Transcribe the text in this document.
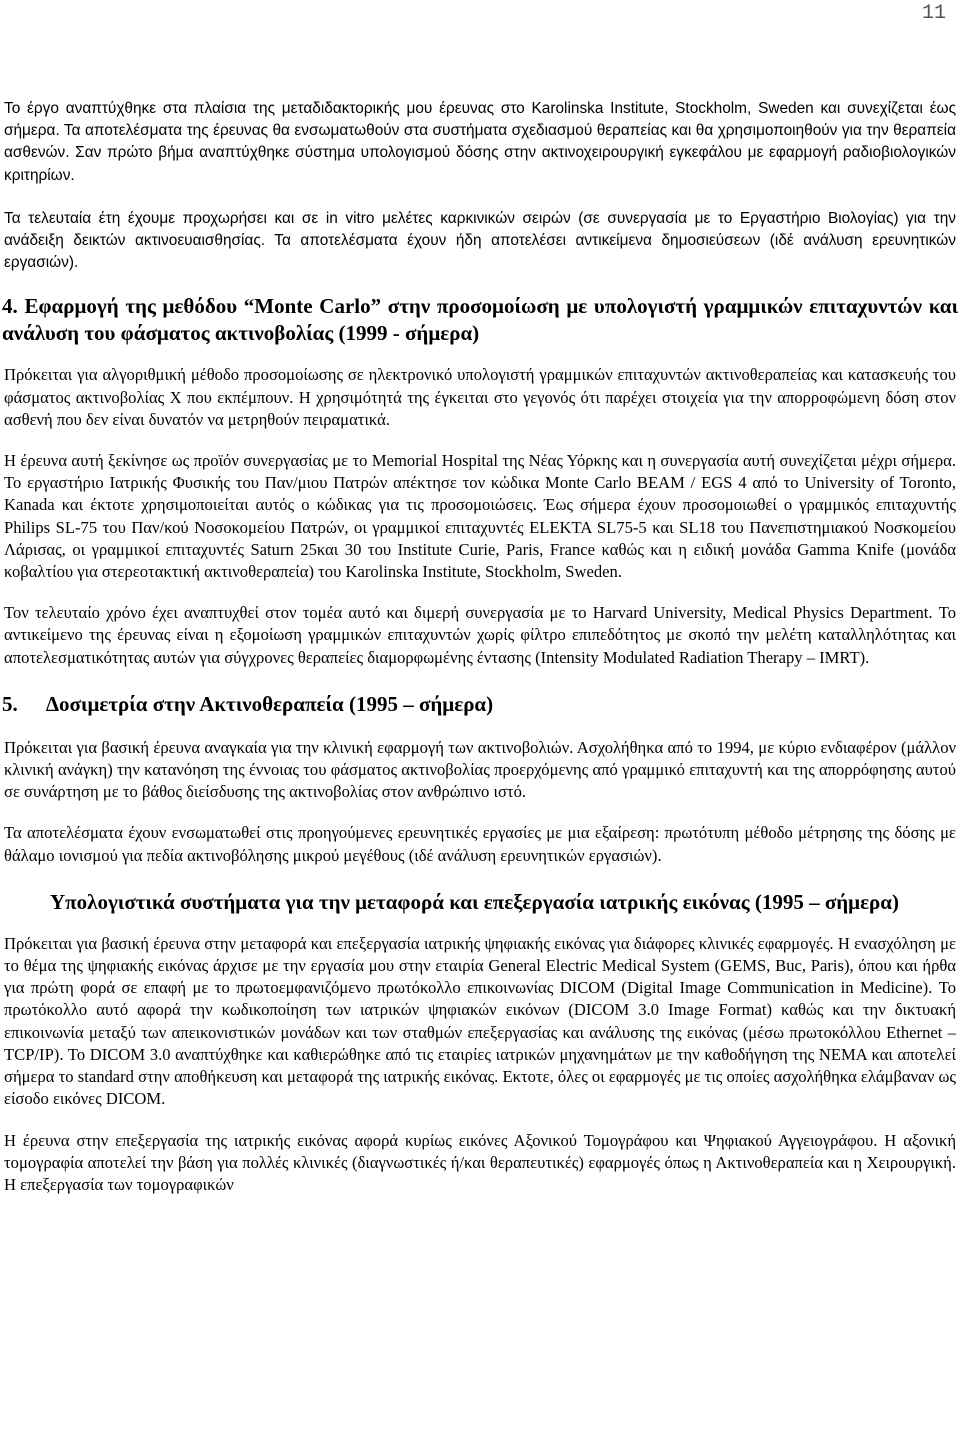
11

Το έργο αναπτύχθηκε στα πλαίσια της μεταδιδακτορικής μου έρευνας στο Karolinska Institute, Stockholm, Sweden και συνεχίζεται έως σήμερα. Τα αποτελέσματα της έρευνας θα ενσωματωθούν στα συστήματα σχεδιασμού θεραπείας και θα χρησιμοποιηθούν για την θεραπεία ασθενών. Σαν πρώτο βήμα αναπτύχθηκε σύστημα υπολογισμού δόσης στην ακτινοχειρουργική εγκεφάλου με εφαρμογή ραδιοβιολογικών κριτηρίων.

Τα τελευταία έτη έχουμε προχωρήσει και σε in vitro μελέτες καρκινικών σειρών (σε συνεργασία με το Εργαστήριο Βιολογίας) για την ανάδειξη δεικτών ακτινοευαισθησίας. Τα αποτελέσματα έχουν ήδη αποτελέσει αντικείμενα δημοσιεύσεων (ιδέ ανάλυση ερευνητικών εργασιών).

4. Εφαρμογή της μεθόδου “Monte Carlo” στην προσομοίωση με υπολογιστή γραμμικών επιταχυντών και ανάλυση του φάσματος ακτινοβολίας (1999 - σήμερα)

Πρόκειται για αλγοριθμική μέθοδο προσομοίωσης σε ηλεκτρονικό υπολογιστή γραμμικών επιταχυντών ακτινοθεραπείας και κατασκευής του φάσματος ακτινοβολίας Χ που εκπέμπουν. Η χρησιμότητά της έγκειται στο γεγονός ότι παρέχει στοιχεία για την απορροφώμενη δόση στον ασθενή που δεν είναι δυνατόν να μετρηθούν πειραματικά.

Η έρευνα αυτή ξεκίνησε ως προϊόν συνεργασίας με το Memorial Hospital της Νέας Υόρκης και η συνεργασία αυτή συνεχίζεται μέχρι σήμερα. Το εργαστήριο Ιατρικής Φυσικής του Παν/μιου Πατρών απέκτησε τον κώδικα Monte Carlo BEAM / EGS 4 από το University of Toronto, Kanada και έκτοτε χρησιμοποιείται αυτός ο κώδικας για τις προσομοιώσεις. Έως σήμερα έχουν προσομοιωθεί ο γραμμικός επιταχυντής Philips SL-75 του Παν/κού Νοσοκομείου Πατρών, οι γραμμικοί επιταχυντές ELEKTA SL75-5 και SL18 του Πανεπιστημιακού Νοσκομείου Λάρισας, οι γραμμικοί επιταχυντές Saturn 25και 30 του Institute Curie, Paris, France καθώς και η ειδική μονάδα Gamma Knife (μονάδα κοβαλτίου για στερεοτακτική ακτινοθεραπεία) του Karolinska Institute, Stockholm, Sweden.

Τον τελευταίο χρόνο έχει αναπτυχθεί στον τομέα αυτό και διμερή συνεργασία με το Harvard University, Medical Physics Department. Το αντικείμενο της έρευνας είναι η εξομοίωση γραμμικών επιταχυντών χωρίς φίλτρο επιπεδότητος με σκοπό την μελέτη καταλληλότητας και αποτελεσματικότητας αυτών για σύγχρονες θεραπείες διαμορφωμένης έντασης (Intensity Modulated Radiation Therapy – IMRT).

5. Δοσιμετρία στην Ακτινοθεραπεία (1995 – σήμερα)

Πρόκειται για βασική έρευνα αναγκαία για την κλινική εφαρμογή των ακτινοβολιών. Ασχολήθηκα από το 1994, με κύριο ενδιαφέρον (μάλλον κλινική ανάγκη) την κατανόηση της έννοιας του φάσματος ακτινοβολίας προερχόμενης από γραμμικό επιταχυντή και της απορρόφησης αυτού σε συνάρτηση με το βάθος διείσδυσης της ακτινοβολίας στον ανθρώπινο ιστό.

Τα αποτελέσματα έχουν ενσωματωθεί στις προηγούμενες ερευνητικές εργασίες με μια εξαίρεση: πρωτότυπη μέθοδο μέτρησης της δόσης με θάλαμο ιονισμού για πεδία ακτινοβόλησης μικρού μεγέθους (ιδέ ανάλυση ερευνητικών εργασιών).

Υπολογιστικά συστήματα για την μεταφορά και επεξεργασία ιατρικής εικόνας (1995 – σήμερα)

Πρόκειται για βασική έρευνα στην μεταφορά και επεξεργασία ιατρικής ψηφιακής εικόνας για διάφορες κλινικές εφαρμογές. Η ενασχόληση με το θέμα της ψηφιακής εικόνας άρχισε με την εργασία μου στην εταιρία General Electric Medical System (GEMS, Buc, Paris), όπου και ήρθα για πρώτη φορά σε επαφή με το πρωτοεμφανιζόμενο πρωτόκολλο επικοινωνίας DICOM (Digital Image Communication in Medicine). Το πρωτόκολλο αυτό αφορά την κωδικοποίηση των ιατρικών ψηφιακών εικόνων (DICOM 3.0 Image Format) καθώς και την δικτυακή επικοινωνία μεταξύ των απεικονιστικών μονάδων και των σταθμών επεξεργασίας και ανάλυσης της εικόνας (μέσω πρωτοκόλλου Ethernet – TCP/IP). Το DICOM 3.0 αναπτύχθηκε και καθιερώθηκε από τις εταιρίες ιατρικών μηχανημάτων με την καθοδήγηση της NEMA και αποτελεί σήμερα το standard στην αποθήκευση και μεταφορά της ιατρικής εικόνας. Εκτοτε, όλες οι εφαρμογές με τις οποίες ασχολήθηκα ελάμβαναν ως είσοδο εικόνες DICOM.

Η έρευνα στην επεξεργασία της ιατρικής εικόνας αφορά κυρίως εικόνες Αξονικού Τομογράφου και Ψηφιακού Αγγειογράφου. Η αξονική τομογραφία αποτελεί την βάση για πολλές κλινικές (διαγνωστικές ή/και θεραπευτικές) εφαρμογές όπως η Ακτινοθεραπεία και η Χειρουργική. Η επεξεργασία των τομογραφικών
